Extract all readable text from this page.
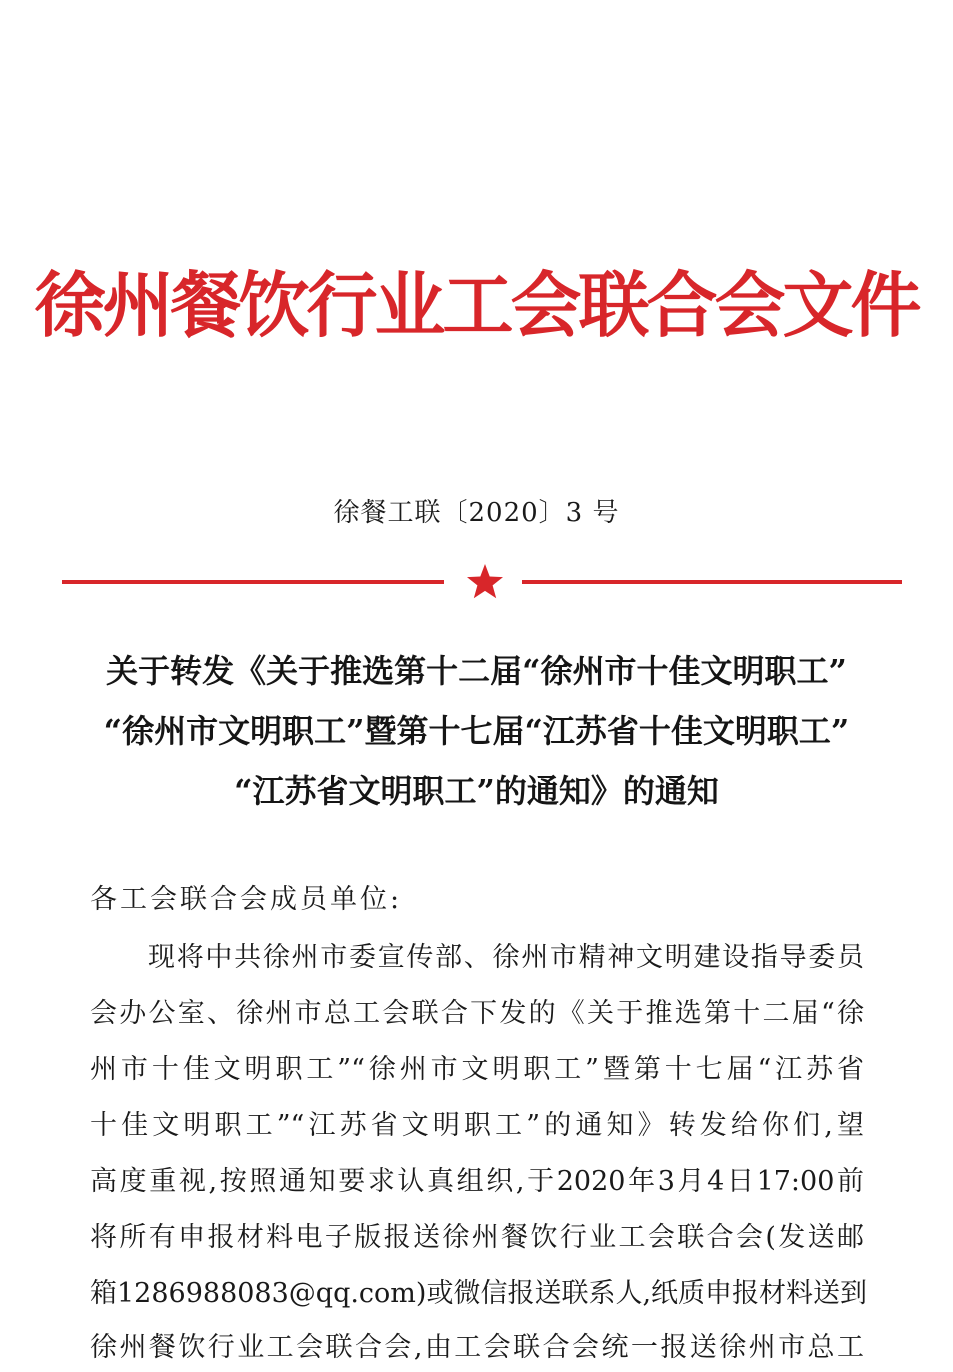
徐州餐饮行业工会联合会文件
徐餐工联〔2020〕3 号
关于转发《关于推选第十二届“徐州市十佳文明职工”
“徐州市文明职工”暨第十七届“江苏省十佳文明职工”
“江苏省文明职工”的通知》的通知
各工会联合会成员单位:
现将中共徐州市委宣传部、徐州市精神文明建设指导委员
会办公室、徐州市总工会联合下发的《关于推选第十二届“徐
州市十佳文明职工”“徐州市文明职工”暨第十七届“江苏省
十佳文明职工”“江苏省文明职工”的通知》转发给你们,望
高度重视,按照通知要求认真组织,于2020年3月4日17:00前
将所有申报材料电子版报送徐州餐饮行业工会联合会(发送邮
箱1286988083@qq.com)或微信报送联系人,纸质申报材料送到
徐州餐饮行业工会联合会,由工会联合会统一报送徐州市总工
